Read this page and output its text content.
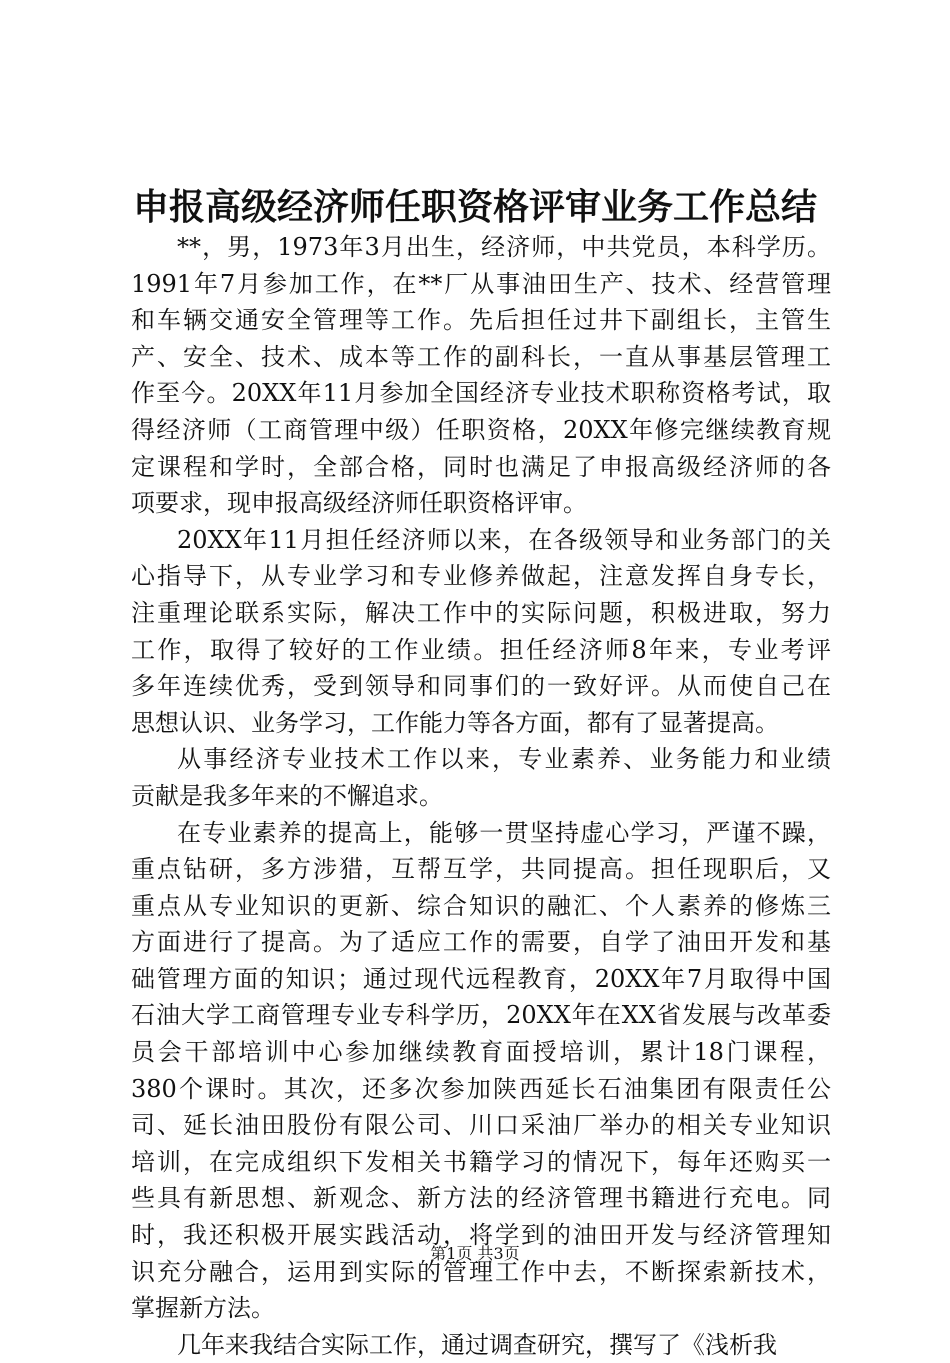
申报高级经济师任职资格评审业务工作总结
**，男，1973年3月出生，经济师，中共党员，本科学历。
1991年7月参加工作，在**厂从事油田生产、技术、经营管理
和车辆交通安全管理等工作。先后担任过井下副组长，主管生
产、安全、技术、成本等工作的副科长，一直从事基层管理工
作至今。20XX年11月参加全国经济专业技术职称资格考试，取
得经济师（工商管理中级）任职资格，20XX年修完继续教育规
定课程和学时，全部合格，同时也满足了申报高级经济师的各
项要求，现申报高级经济师任职资格评审。
20XX年11月担任经济师以来，在各级领导和业务部门的关
心指导下，从专业学习和专业修养做起，注意发挥自身专长，
注重理论联系实际，解决工作中的实际问题，积极进取，努力
工作，取得了较好的工作业绩。担任经济师8年来，专业考评
多年连续优秀，受到领导和同事们的一致好评。从而使自己在
思想认识、业务学习，工作能力等各方面，都有了显著提高。
从事经济专业技术工作以来，专业素养、业务能力和业绩
贡献是我多年来的不懈追求。
在专业素养的提高上，能够一贯坚持虚心学习，严谨不躁，
重点钻研，多方涉猎，互帮互学，共同提高。担任现职后，又
重点从专业知识的更新、综合知识的融汇、个人素养的修炼三
方面进行了提高。为了适应工作的需要，自学了油田开发和基
础管理方面的知识；通过现代远程教育，20XX年7月取得中国
石油大学工商管理专业专科学历，20XX年在XX省发展与改革委
员会干部培训中心参加继续教育面授培训，累计18门课程，
380个课时。其次，还多次参加陕西延长石油集团有限责任公
司、延长油田股份有限公司、川口采油厂举办的相关专业知识
培训，在完成组织下发相关书籍学习的情况下，每年还购买一
些具有新思想、新观念、新方法的经济管理书籍进行充电。同
时，我还积极开展实践活动，将学到的油田开发与经济管理知
识充分融合，运用到实际的管理工作中去，不断探索新技术，
掌握新方法。
几年来我结合实际工作，通过调查研究，撰写了《浅析我
第1页 共3页
